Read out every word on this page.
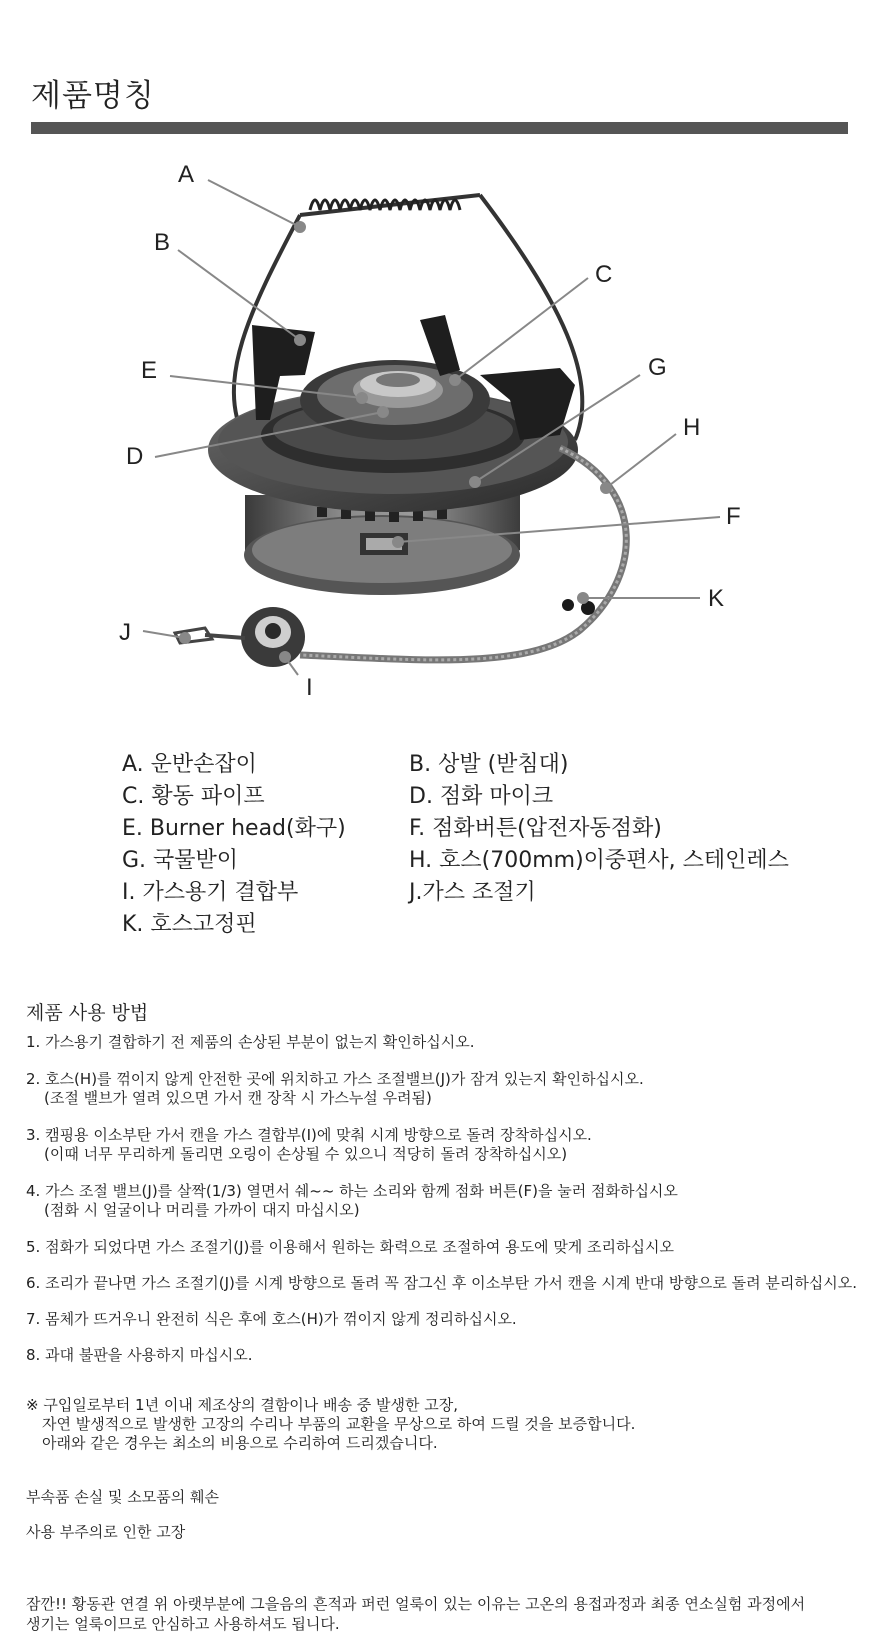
제품명칭
A
B
C
D
E
F
G
H
I
J
K
A. 운반손잡이	B. 상발 (받침대)
C. 황동 파이프	D. 점화 마이크
E. Burner head(화구)	F. 점화버튼(압전자동점화)
G. 국물받이	H. 호스(700mm)이중편사, 스테인레스
I. 가스용기 결합부	J.가스 조절기
K. 호스고정핀
제품 사용 방법

1. 가스용기 결합하기 전 제품의 손상된 부분이 없는지 확인하십시오.

2. 호스(H)를 꺾이지 않게 안전한 곳에 위치하고 가스 조절밸브(J)가 잠겨 있는지 확인하십시오.
(조절 밸브가 열려 있으면 가서 캔 장착 시 가스누설 우려됨)

3. 캠핑용 이소부탄 가서 캔을 가스 결합부(I)에 맞춰 시계 방향으로 돌려 장착하십시오.
(이때 너무 무리하게 돌리면 오링이 손상될 수 있으니 적당히 돌려 장착하십시오)

4. 가스 조절 밸브(J)를 살짝(1/3) 열면서 쉐~~ 하는 소리와 함께 점화 버튼(F)을 눌러 점화하십시오
(점화 시 얼굴이나 머리를 가까이 대지 마십시오)

5. 점화가 되었다면 가스 조절기(J)를 이용해서 원하는 화력으로 조절하여 용도에 맞게 조리하십시오

6. 조리가 끝나면 가스 조절기(J)를 시계 방향으로 돌려 꼭 잠그신 후 이소부탄 가서 캔을 시계 반대 방향으로 돌려 분리하십시오.

7. 몸체가 뜨거우니 완전히 식은 후에 호스(H)가 꺾이지 않게 정리하십시오.

8. 과대 불판을 사용하지 마십시오.

※ 구입일로부터 1년 이내 제조상의 결함이나 배송 중 발생한 고장,
자연 발생적으로 발생한 고장의 수리나 부품의 교환을 무상으로 하여 드릴 것을 보증합니다.
아래와 같은 경우는 최소의 비용으로 수리하여 드리겠습니다.
부속품 손실 및 소모품의 훼손
사용 부주의로 인한 고장
잠깐!! 황동관 연결 위 아랫부분에 그을음의 흔적과 퍼런 얼룩이 있는 이유는 고온의 용접과정과 최종 연소실험 과정에서
생기는 얼룩이므로 안심하고 사용하셔도 됩니다.
